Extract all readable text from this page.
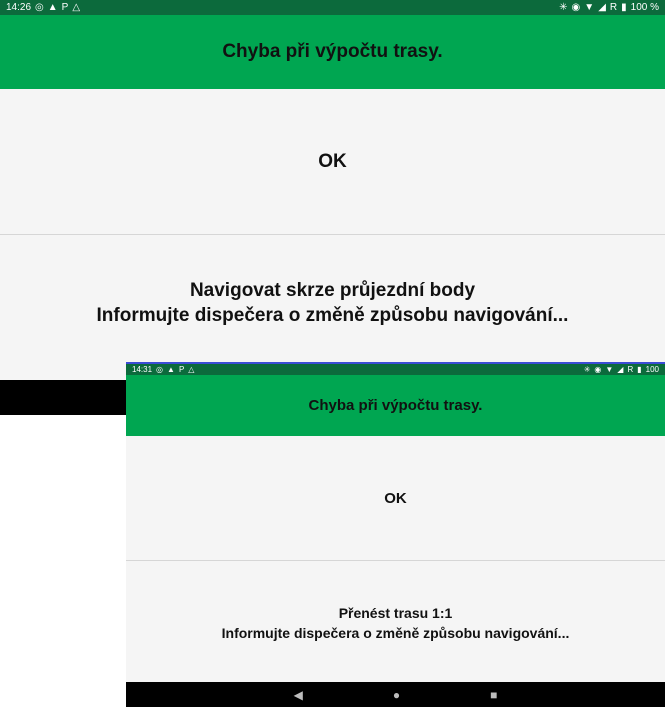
14:26 ◎ ▲ P △	✳ ◉ ▼ ◢ R ▮ 100 %
Chyba při výpočtu trasy.
OK
Navigovat skrze průjezdní body
Informujte dispečera o změně způsobu navigování...
14:31 ◎ ▲ P △	✳ ◉ ▼ ◢ R ▮ 100
Chyba při výpočtu trasy.
OK
Přenést trasu 1:1
Informujte dispečera o změně způsobu navigování...
◀	●	■
